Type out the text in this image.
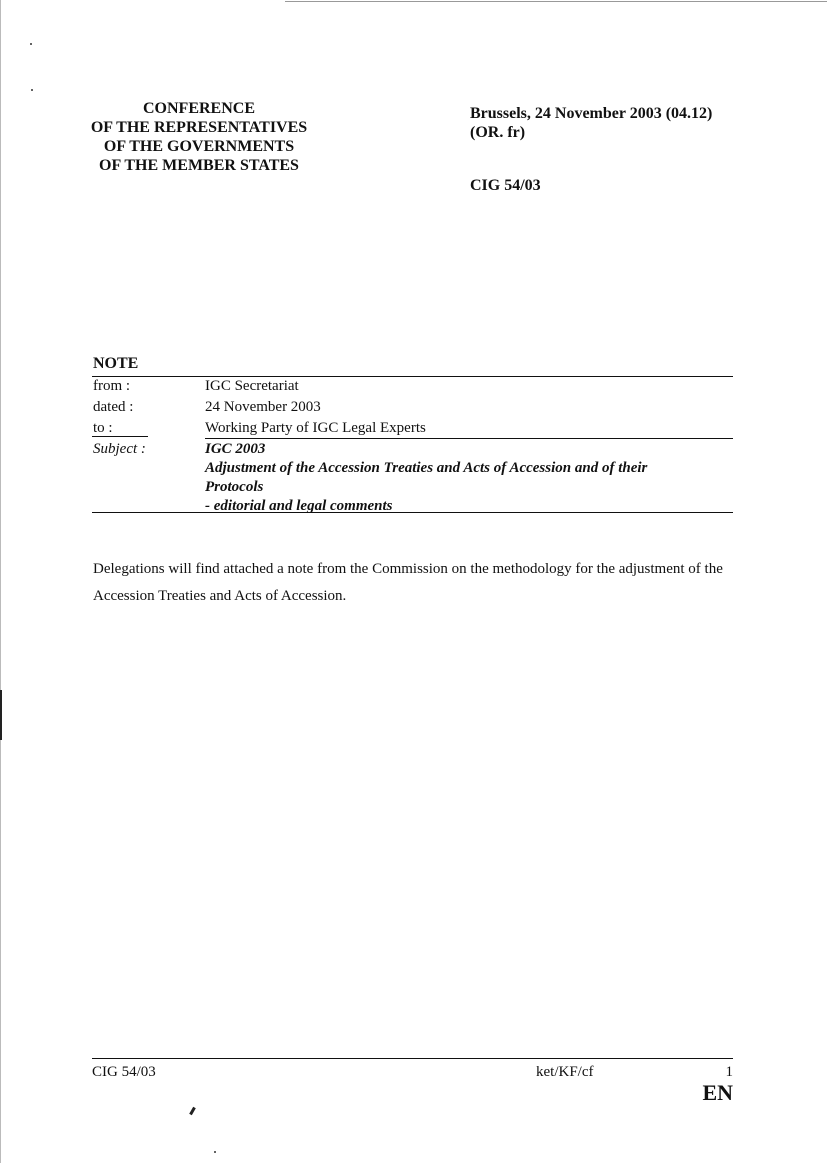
CONFERENCE
OF THE REPRESENTATIVES
OF THE GOVERNMENTS
OF THE MEMBER STATES
Brussels, 24 November 2003 (04.12)
(OR. fr)
CIG 54/03
NOTE
from :	IGC Secretariat
dated :	24 November 2003
to :	Working Party of IGC Legal Experts
Subject :	IGC 2003
Adjustment of the Accession Treaties and Acts of Accession and of their
Protocols
- editorial and legal comments
Delegations will find attached a note from the Commission on the methodology for the adjustment of the Accession Treaties and Acts of Accession.
CIG 54/03	ket/KF/cf	1
EN
